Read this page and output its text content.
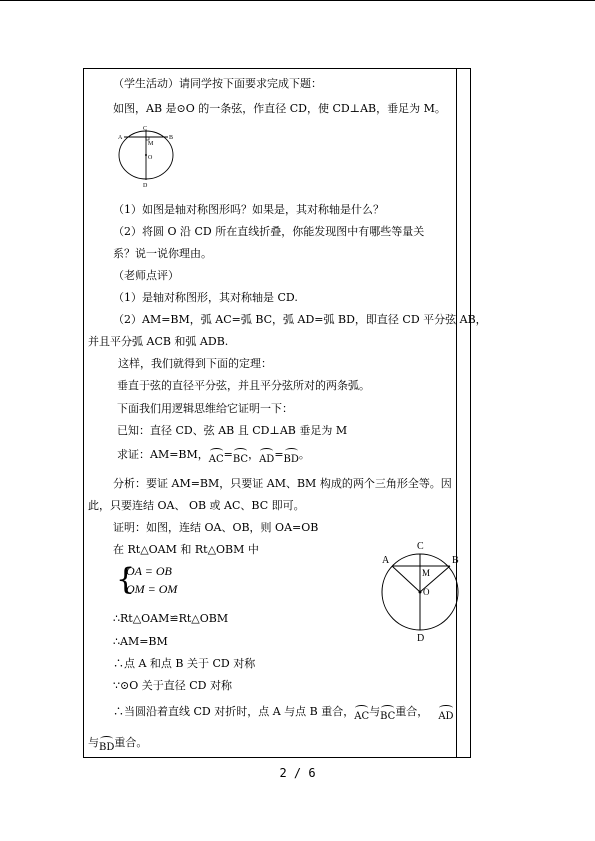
（学生活动）请同学按下面要求完成下题：
如图，AB 是⊙O 的一条弦，作直径 CD，使 CD⊥AB，垂足为 M。
A	B
C
D
M
O
（1）如图是轴对称图形吗？如果是，其对称轴是什么？
（2）将圆 O 沿 CD 所在直线折叠，你能发现图中有哪些等量关
系？说一说你理由。
（老师点评）
（1）是轴对称图形，其对称轴是 CD.
（2）AM=BM，弧 AC=弧 BC，弧 AD=弧 BD，即直径 CD 平分弦 AB，
并且平分弧 ACB 和弧 ADB.
这样，我们就得到下面的定理：
垂直于弦的直径平分弦，并且平分弦所对的两条弧。
下面我们用逻辑思维给它证明一下：
已知：直径 CD、弦 AB 且 CD⊥AB 垂足为 M
求证：AM=BM，AC=BC，AD=BD。
分析：要证 AM=BM，只要证 AM、BM 构成的两个三角形全等。因
此，只要连结 OA、 OB 或 AC、BC 即可。
证明：如图，连结 OA、OB，则 OA=OB
在 Rt△OAM 和 Rt△OBM 中
{
OA = OB
OM = OM
∴Rt△OAM≌Rt△OBM
∴AM=BM
∴点 A 和点 B 关于 CD 对称
∵⊙O 关于直径 CD 对称
∴当圆沿着直线 CD 对折时，点 A 与点 B 重合，AC与BC重合， AD
与BD重合。
A	B
C
D
M
O
2 / 6
